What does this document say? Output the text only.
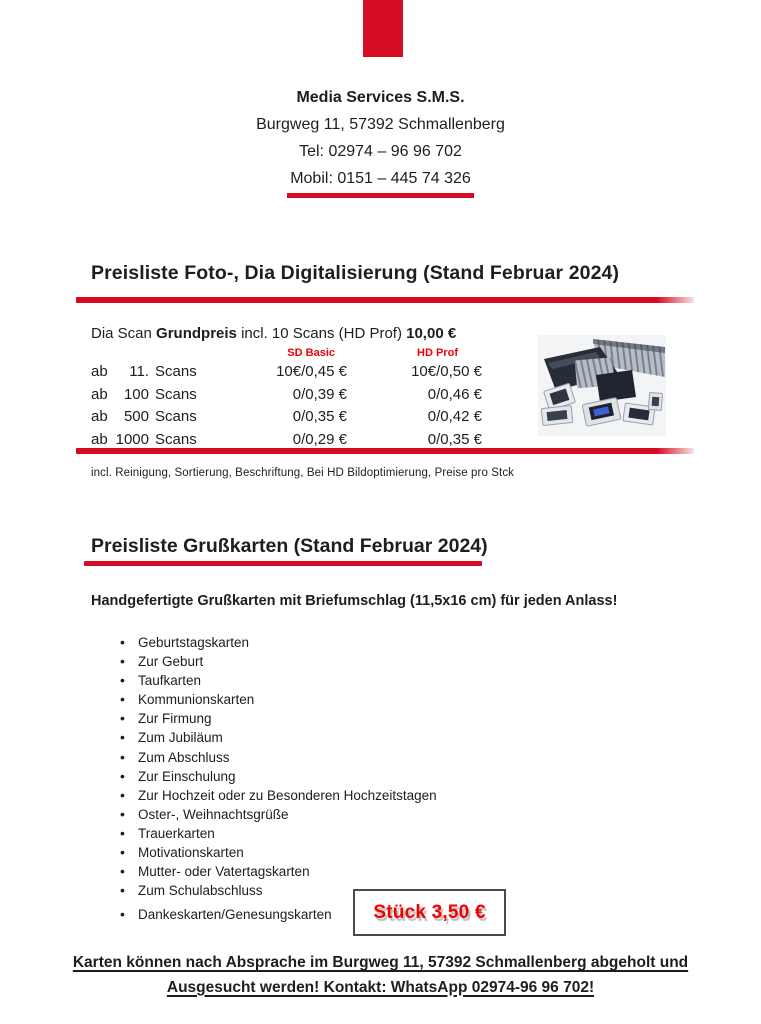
Media Services S.M.S.
Burgweg 11, 57392 Schmallenberg
Tel: 02974 – 96 96 702
Mobil: 0151 – 445 74 326
Preisliste Foto-, Dia Digitalisierung (Stand Februar 2024)
Dia Scan Grundpreis incl. 10 Scans (HD Prof) 10,00 €
SD Basic	HD Prof
ab	11. Scans	10€/0,45 €	10€/0,50 €
ab	100 Scans	0/0,39 €	0/0,46 €
ab	500 Scans	0/0,35 €	0/0,42 €
ab 1000 Scans	0/0,29 €	0/0,35 €
incl. Reinigung, Sortierung, Beschriftung, Bei HD Bildoptimierung, Preise pro Stck
Preisliste Grußkarten (Stand Februar 2024)
Handgefertigte Grußkarten mit Briefumschlag (11,5x16 cm) für jeden Anlass!
• Geburtstagskarten
• Zur Geburt
• Taufkarten
• Kommunionskarten
• Zur Firmung
• Zum Jubiläum
• Zum Abschluss
• Zur Einschulung
• Zur Hochzeit oder zu Besonderen Hochzeitstagen
• Oster-, Weihnachtsgrüße
• Trauerkarten
• Motivationskarten
• Mutter- oder Vatertagskarten
• Zum Schulabschluss
• Dankeskarten/Genesungskarten	Stück 3,50 €
Karten können nach Absprache im Burgweg 11, 57392 Schmallenberg abgeholt und
Ausgesucht werden! Kontakt: WhatsApp 02974-96 96 702!
